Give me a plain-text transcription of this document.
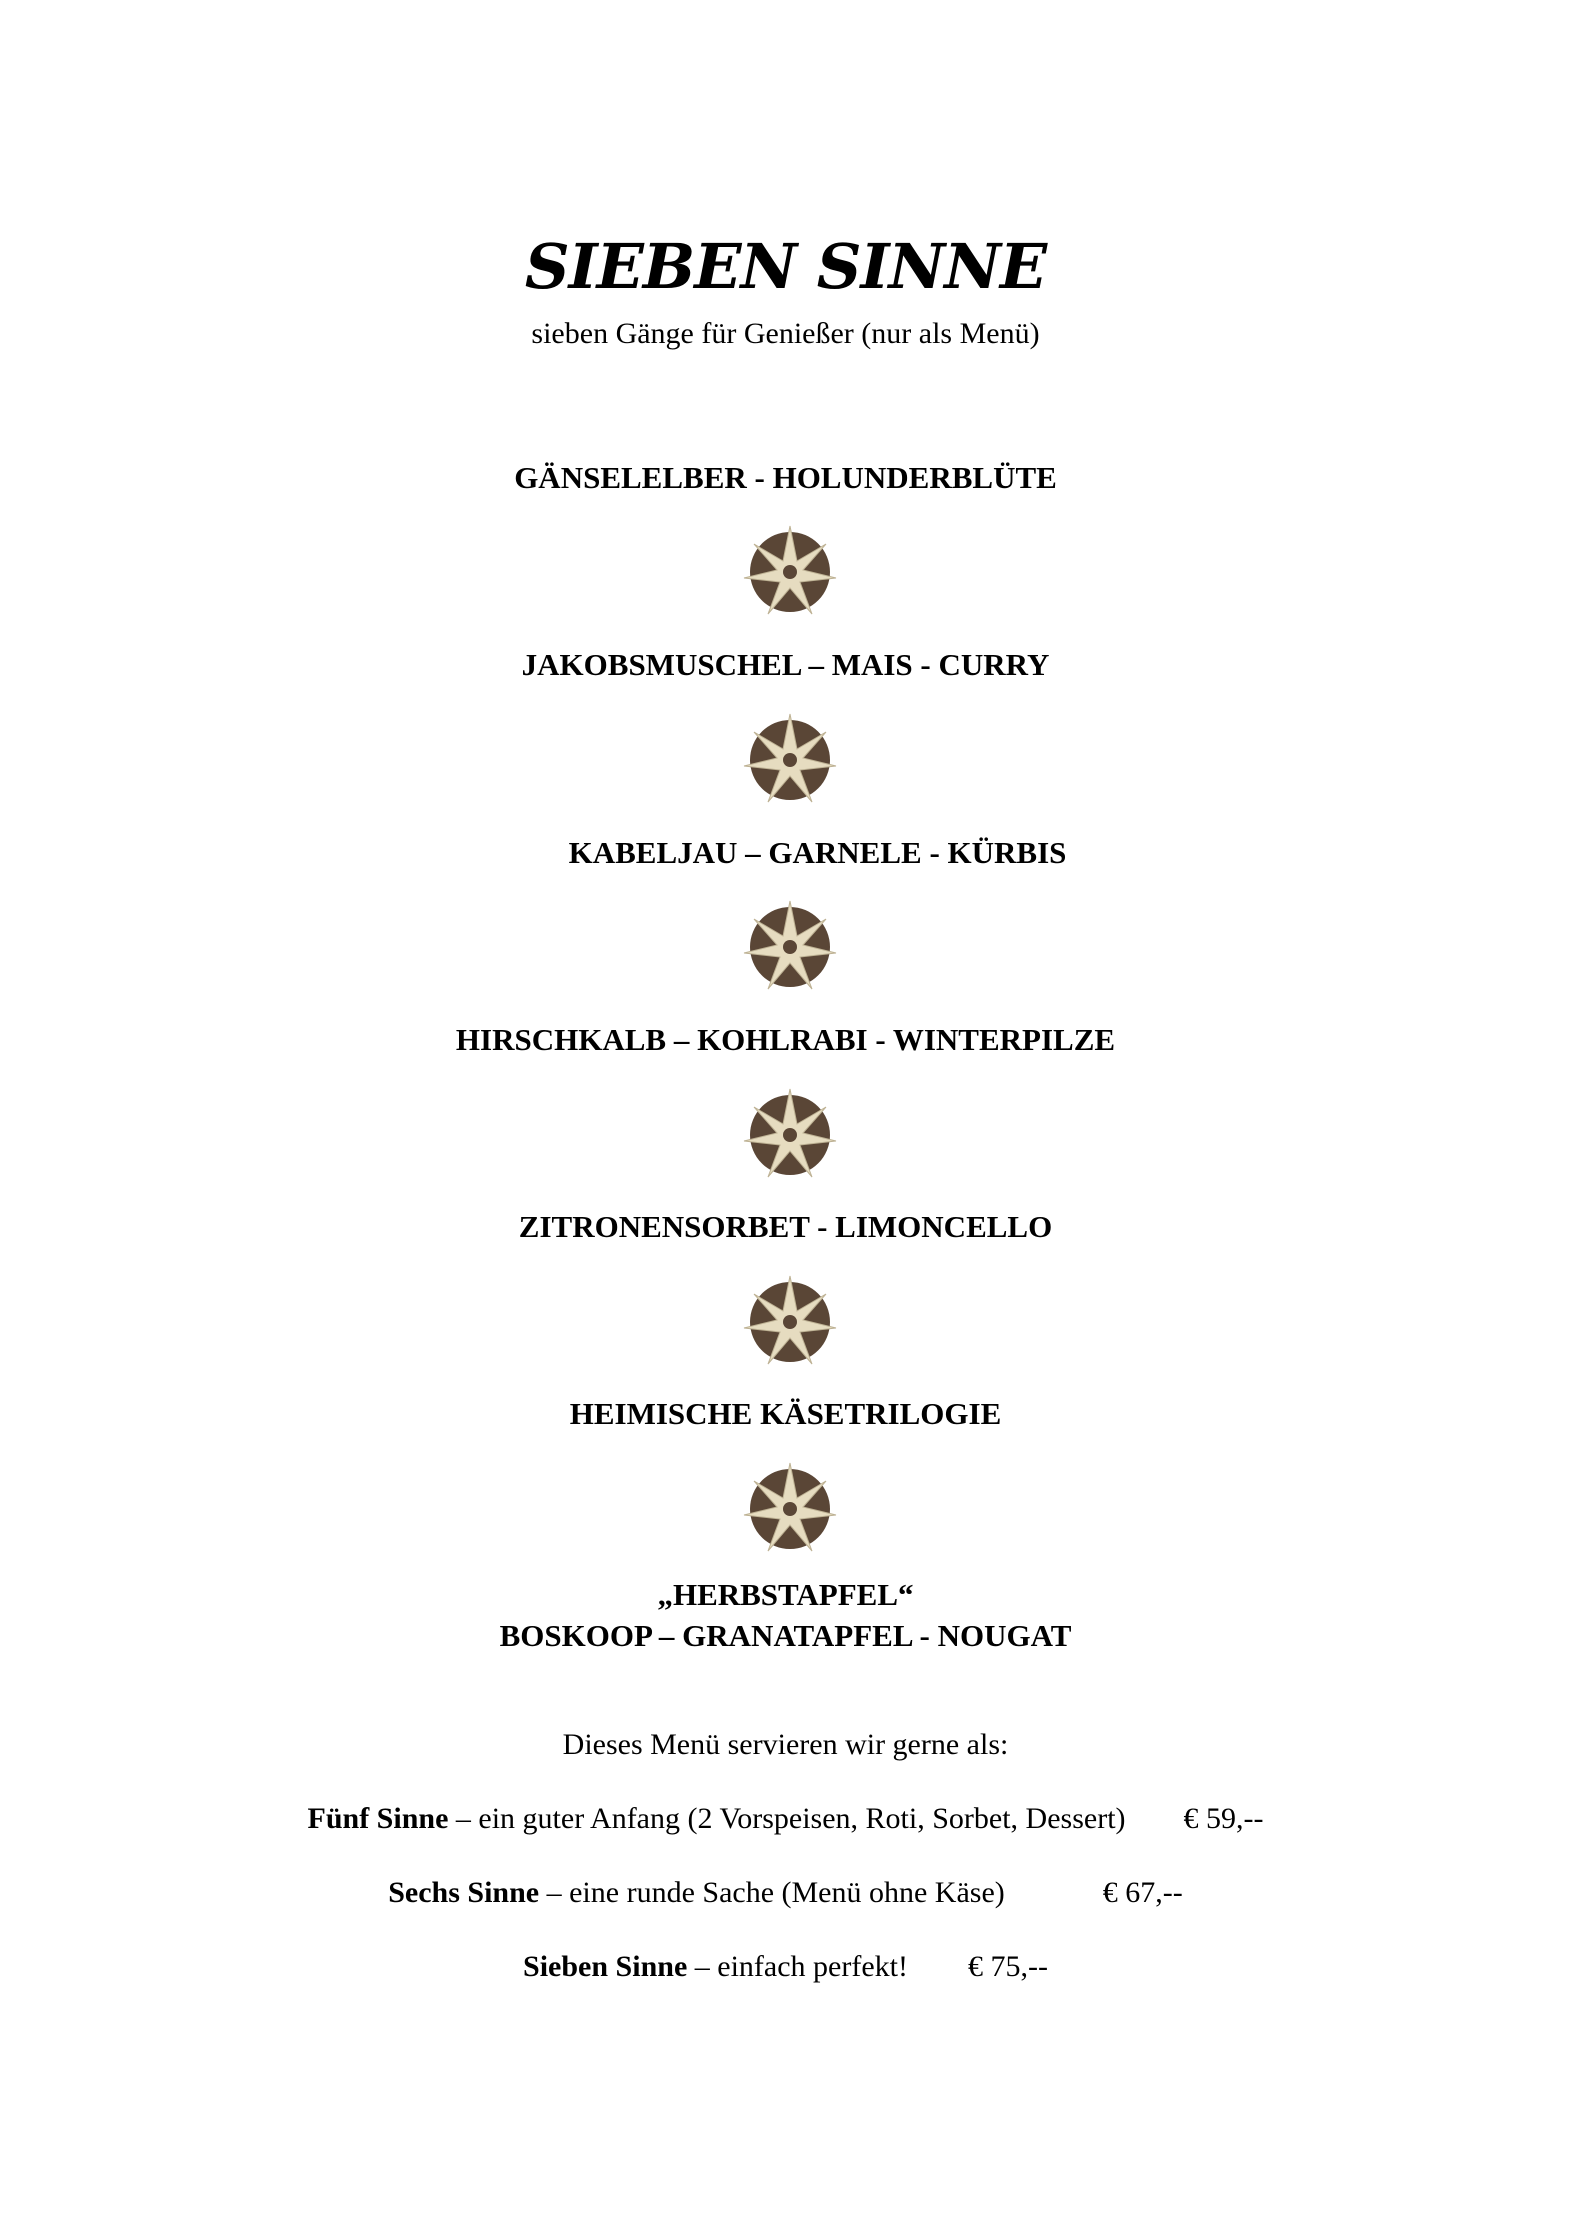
SIEBEN SINNE
sieben Gänge für Genießer (nur als Menü)
GÄNSELELBER - HOLUNDERBLÜTE
JAKOBSMUSCHEL – MAIS - CURRY
KABELJAU – GARNELE - KÜRBIS
HIRSCHKALB – KOHLRABI - WINTERPILZE
ZITRONENSORBET - LIMONCELLO
HEIMISCHE KÄSETRILOGIE
„HERBSTAPFEL“
BOSKOOP – GRANATAPFEL - NOUGAT
Dieses Menü servieren wir gerne als:
Fünf Sinne – ein guter Anfang (2 Vorspeisen, Roti, Sorbet, Dessert) € 59,--
Sechs Sinne – eine runde Sache (Menü ohne Käse)	€ 67,--
Sieben Sinne – einfach perfekt! € 75,--
